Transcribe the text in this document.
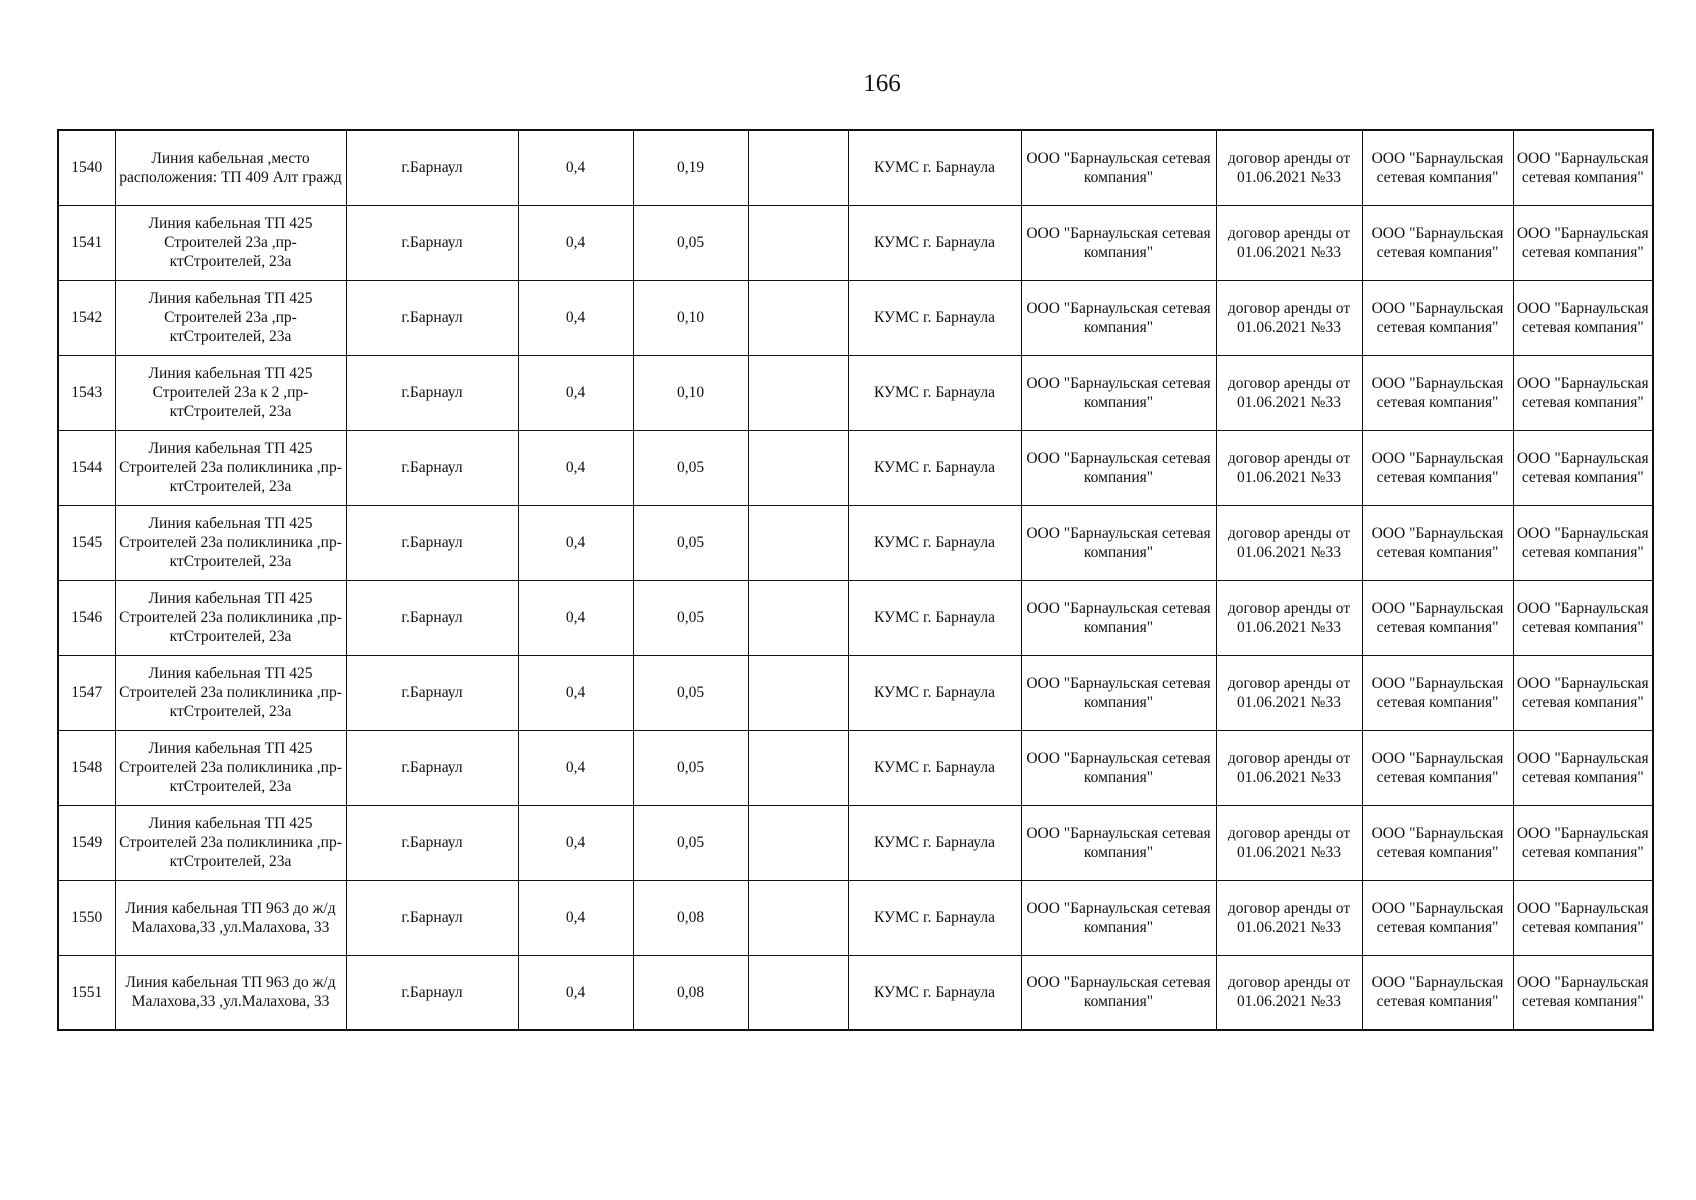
166
1540	Линия кабельная ,место расположения: ТП 409 Алт гражд	г.Барнаул	0,4	0,19		КУМС г. Барнаула	ООО "Барнаульская сетевая компания"	договор аренды от 01.06.2021 №33	ООО "Барнаульская сетевая компания"	ООО "Барнаульская сетевая компания"
1541	Линия кабельная ТП 425 Строителей 23а ,пр-ктСтроителей, 23а	г.Барнаул	0,4	0,05		КУМС г. Барнаула	ООО "Барнаульская сетевая компания"	договор аренды от 01.06.2021 №33	ООО "Барнаульская сетевая компания"	ООО "Барнаульская сетевая компания"
1542	Линия кабельная ТП 425 Строителей 23а ,пр-ктСтроителей, 23а	г.Барнаул	0,4	0,10		КУМС г. Барнаула	ООО "Барнаульская сетевая компания"	договор аренды от 01.06.2021 №33	ООО "Барнаульская сетевая компания"	ООО "Барнаульская сетевая компания"
1543	Линия кабельная ТП 425 Строителей 23а к 2 ,пр-ктСтроителей, 23а	г.Барнаул	0,4	0,10		КУМС г. Барнаула	ООО "Барнаульская сетевая компания"	договор аренды от 01.06.2021 №33	ООО "Барнаульская сетевая компания"	ООО "Барнаульская сетевая компания"
1544	Линия кабельная ТП 425 Строителей 23а поликлиника ,пр-ктСтроителей, 23а	г.Барнаул	0,4	0,05		КУМС г. Барнаула	ООО "Барнаульская сетевая компания"	договор аренды от 01.06.2021 №33	ООО "Барнаульская сетевая компания"	ООО "Барнаульская сетевая компания"
1545	Линия кабельная ТП 425 Строителей 23а поликлиника ,пр-ктСтроителей, 23а	г.Барнаул	0,4	0,05		КУМС г. Барнаула	ООО "Барнаульская сетевая компания"	договор аренды от 01.06.2021 №33	ООО "Барнаульская сетевая компания"	ООО "Барнаульская сетевая компания"
1546	Линия кабельная ТП 425 Строителей 23а поликлиника ,пр-ктСтроителей, 23а	г.Барнаул	0,4	0,05		КУМС г. Барнаула	ООО "Барнаульская сетевая компания"	договор аренды от 01.06.2021 №33	ООО "Барнаульская сетевая компания"	ООО "Барнаульская сетевая компания"
1547	Линия кабельная ТП 425 Строителей 23а поликлиника ,пр-ктСтроителей, 23а	г.Барнаул	0,4	0,05		КУМС г. Барнаула	ООО "Барнаульская сетевая компания"	договор аренды от 01.06.2021 №33	ООО "Барнаульская сетевая компания"	ООО "Барнаульская сетевая компания"
1548	Линия кабельная ТП 425 Строителей 23а поликлиника ,пр-ктСтроителей, 23а	г.Барнаул	0,4	0,05		КУМС г. Барнаула	ООО "Барнаульская сетевая компания"	договор аренды от 01.06.2021 №33	ООО "Барнаульская сетевая компания"	ООО "Барнаульская сетевая компания"
1549	Линия кабельная ТП 425 Строителей 23а поликлиника ,пр-ктСтроителей, 23а	г.Барнаул	0,4	0,05		КУМС г. Барнаула	ООО "Барнаульская сетевая компания"	договор аренды от 01.06.2021 №33	ООО "Барнаульская сетевая компания"	ООО "Барнаульская сетевая компания"
1550	Линия кабельная ТП 963 до ж/д Малахова,33 ,ул.Малахова, 33	г.Барнаул	0,4	0,08		КУМС г. Барнаула	ООО "Барнаульская сетевая компания"	договор аренды от 01.06.2021 №33	ООО "Барнаульская сетевая компания"	ООО "Барнаульская сетевая компания"
1551	Линия кабельная ТП 963 до ж/д Малахова,33 ,ул.Малахова, 33	г.Барнаул	0,4	0,08		КУМС г. Барнаула	ООО "Барнаульская сетевая компания"	договор аренды от 01.06.2021 №33	ООО "Барнаульская сетевая компания"	ООО "Барнаульская сетевая компания"
